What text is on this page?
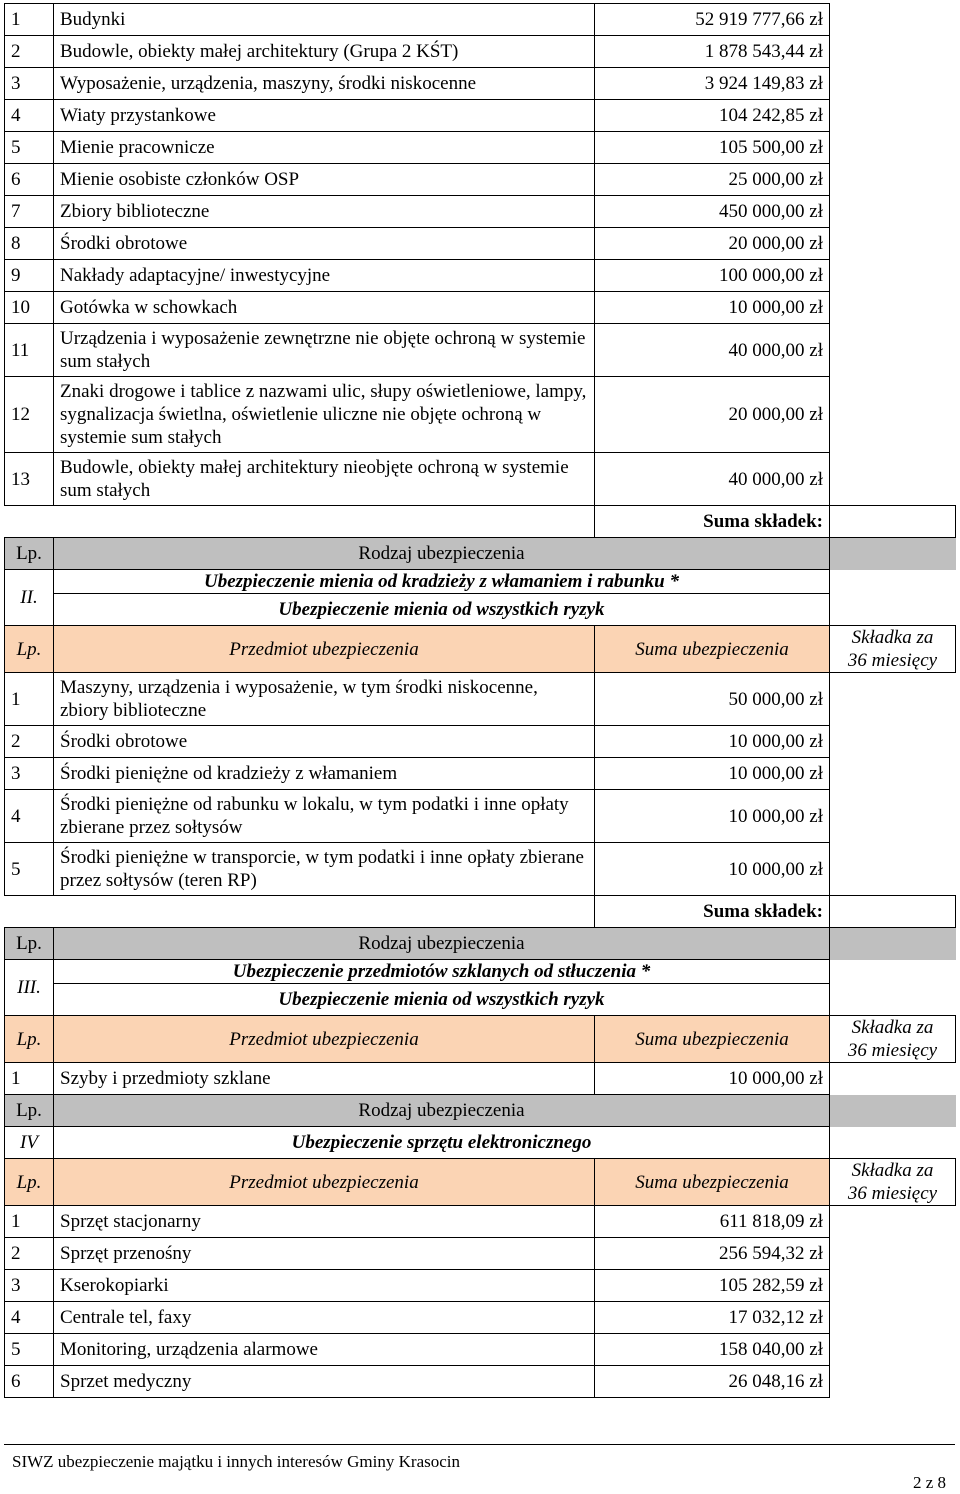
1	Budynki	52 919 777,66 zł	
2	Budowle, obiekty małej architektury (Grupa 2 KŚT)	1 878 543,44 zł	
3	Wyposażenie, urządzenia, maszyny, środki niskocenne	3 924 149,83 zł	
4	Wiaty przystankowe	104 242,85 zł	
5	Mienie pracownicze	105 500,00 zł	
6	Mienie osobiste członków OSP	25 000,00 zł	
7	Zbiory biblioteczne	450 000,00 zł	
8	Środki obrotowe	20 000,00 zł	
9	Nakłady adaptacyjne/ inwestycyjne	100 000,00 zł	
10	Gotówka w schowkach	10 000,00 zł	
11	Urządzenia i wyposażenie zewnętrzne nie objęte ochroną w systemie sum stałych	40 000,00 zł	
12	Znaki drogowe i tablice z nazwami ulic, słupy oświetleniowe, lampy, sygnalizacja świetlna, oświetlenie uliczne nie objęte ochroną w systemie sum stałych	20 000,00 zł	
13	Budowle, obiekty małej architektury nieobjęte ochroną w systemie sum stałych	40 000,00 zł	
		Suma składek:	
Lp.	Rodzaj ubezpieczenia		
II.	Ubezpieczenie mienia od kradzieży z włamaniem i rabunku *		
	Ubezpieczenie mienia od wszystkich ryzyk		
Lp.	Przedmiot ubezpieczenia	Suma ubezpieczenia	Składka za
36 miesięcy

1	Maszyny, urządzenia i wyposażenie, w tym środki niskocenne, zbiory biblioteczne	50 000,00 zł	
2	Środki obrotowe	10 000,00 zł	
3	Środki pieniężne od kradzieży z włamaniem	10 000,00 zł	
4	Środki pieniężne od rabunku w lokalu, w tym podatki i inne opłaty zbierane przez sołtysów	10 000,00 zł	
5	Środki pieniężne w transporcie, w tym podatki i inne opłaty zbierane przez sołtysów (teren RP)	10 000,00 zł	
		Suma składek:	
Lp.	Rodzaj ubezpieczenia		
III.	Ubezpieczenie przedmiotów szklanych od stłuczenia *		
	Ubezpieczenie mienia od wszystkich ryzyk		
Lp.	Przedmiot ubezpieczenia	Suma ubezpieczenia	Składka za
36 miesięcy

1	Szyby i przedmioty szklane	10 000,00 zł	
Lp.	Rodzaj ubezpieczenia		
IV	Ubezpieczenie sprzętu elektronicznego		
Lp.	Przedmiot ubezpieczenia	Suma ubezpieczenia	Składka za
36 miesięcy

1	Sprzęt stacjonarny	611 818,09 zł	
2	Sprzęt przenośny	256 594,32 zł	
3	Kserokopiarki	105 282,59 zł	
4	Centrale tel, faxy	17 032,12 zł	
5	Monitoring, urządzenia alarmowe	158 040,00 zł	
6	Sprzet medyczny	26 048,16 zł	
SIWZ ubezpieczenie majątku i innych interesów Gminy Krasocin
2 z 8
